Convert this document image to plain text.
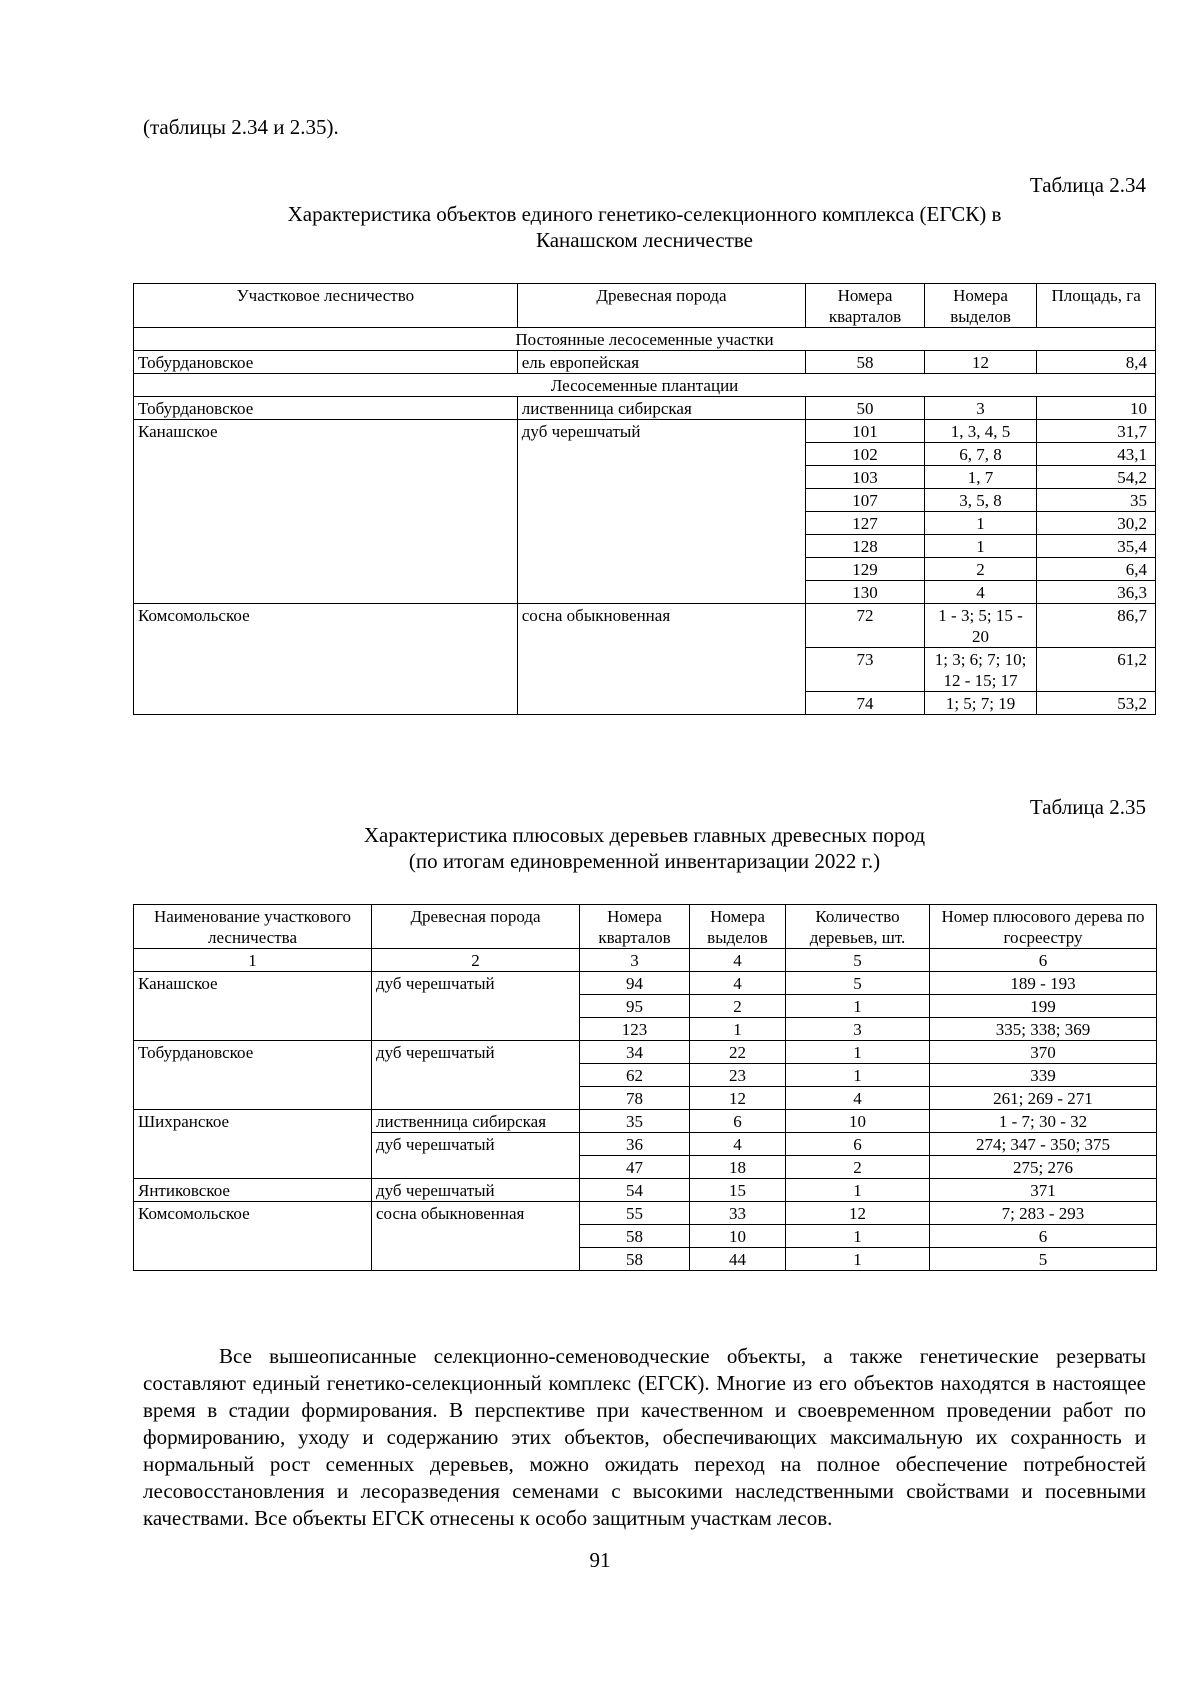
(таблицы 2.34 и 2.35).
Таблица 2.34
Характеристика объектов единого генетико-селекционного комплекса (ЕГСК) в
Канашском лесничестве
Участковое лесничество	Древесная порода	Номера кварталов	Номера выделов	Площадь, га
Постоянные лесосеменные участки				
Тобурдановское	ель европейская	58	12	8,4
Лесосеменные плантации				
Тобурдановское	лиственница сибирская	50	3	10
Канашское	дуб черешчатый	101	1, 3, 4, 5	31,7
		102	6, 7, 8	43,1
		103	1, 7	54,2
		107	3, 5, 8	35
		127	1	30,2
		128	1	35,4
		129	2	6,4
		130	4	36,3
Комсомольское	сосна обыкновенная	72	1 - 3; 5; 15 - 20	86,7
		73	1; 3; 6; 7; 10; 12 - 15; 17	61,2
		74	1; 5; 7; 19	53,2
Таблица 2.35
Характеристика плюсовых деревьев главных древесных пород
(по итогам единовременной инвентаризации 2022 г.)
Наименование участкового лесничества	Древесная порода	Номера кварталов	Номера выделов	Количество деревьев, шт.	Номер плюсового дерева по госреестру
1	2	3	4	5	6
Канашское	дуб черешчатый	94	4	5	189 - 193
		95	2	1	199
		123	1	3	335; 338; 369
Тобурдановское	дуб черешчатый	34	22	1	370
		62	23	1	339
		78	12	4	261; 269 - 271
Шихранское	лиственница сибирская	35	6	10	1 - 7; 30 - 32
	дуб черешчатый	36	4	6	274; 347 - 350; 375
		47	18	2	275; 276
Янтиковское	дуб черешчатый	54	15	1	371
Комсомольское	сосна обыкновенная	55	33	12	7; 283 - 293
		58	10	1	6
		58	44	1	5

Все вышеописанные селекционно-семеноводческие объекты, а также генетические резерваты составляют единый генетико-селекционный комплекс (ЕГСК). Многие из его объектов находятся в настоящее время в стадии формирования. В перспективе при качественном и своевременном проведении работ по формированию, уходу и содержанию этих объектов, обеспечивающих максимальную их сохранность и нормальный рост семенных деревьев, можно ожидать переход на полное обеспечение потребностей лесовосстановления и лесоразведения семенами с высокими наследственными свойствами и посевными качествами. Все объекты ЕГСК отнесены к особо защитным участкам лесов.

91
